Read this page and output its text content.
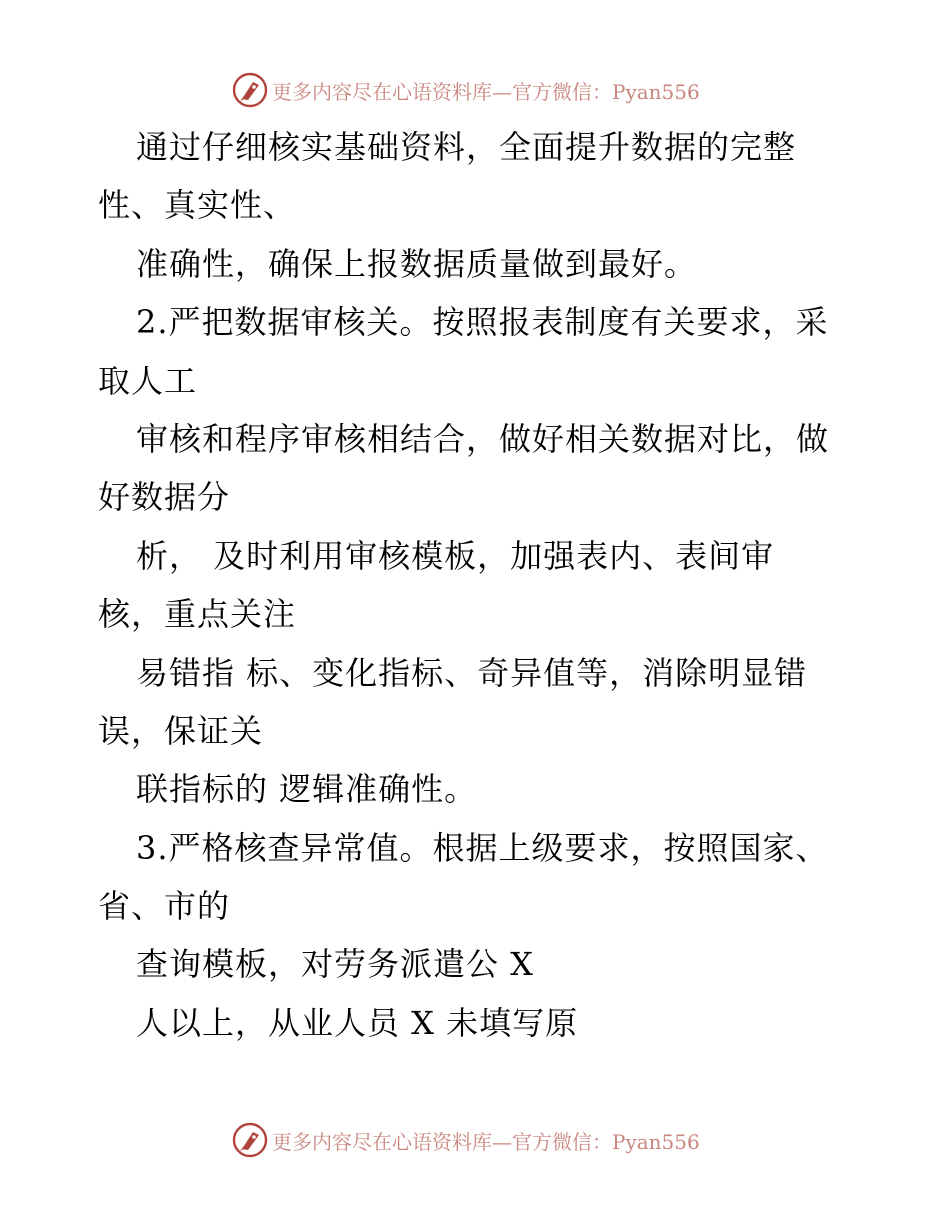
更多内容尽在心语资料库—官方微信：Pyan556
通过仔细核实基础资料，全面提升数据的完整
性、真实性、
准确性，确保上报数据质量做到最好。
2.严把数据审核关。按照报表制度有关要求，采
取人工
审核和程序审核相结合，做好相关数据对比，做
好数据分
析， 及时利用审核模板，加强表内、表间审
核，重点关注
易错指 标、变化指标、奇异值等，消除明显错
误，保证关
联指标的 逻辑准确性。
3.严格核查异常值。根据上级要求，按照国家、
省、市的
查询模板，对劳务派遣公 X
人以上，从业人员 X 未填写原
更多内容尽在心语资料库—官方微信：Pyan556
